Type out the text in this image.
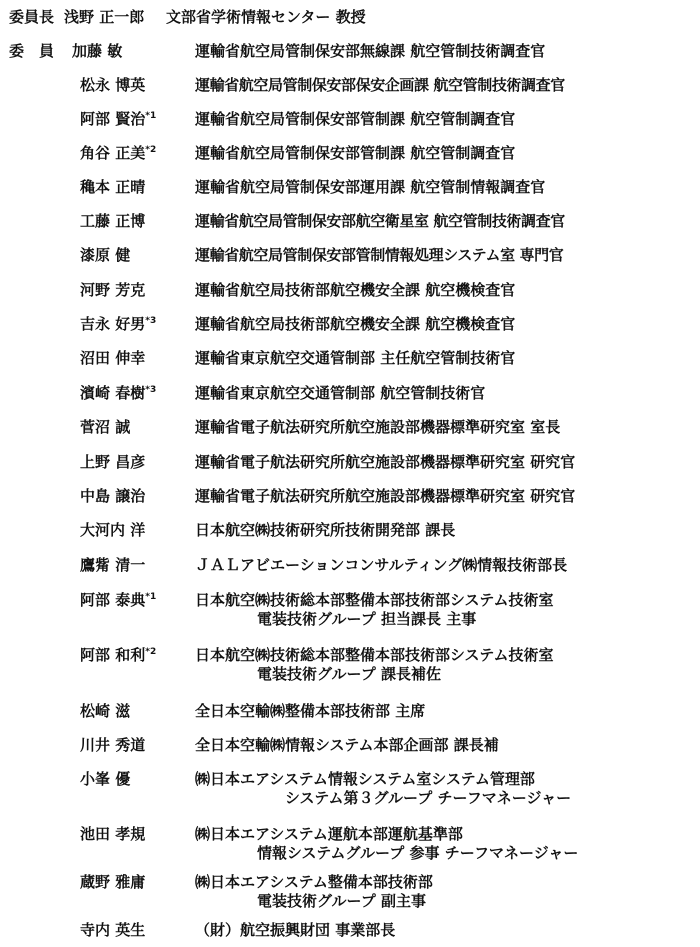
委員長 浅野 正一郎 文部省学術情報センター 教授
委　員 加藤 敏	運輸省航空局管制保安部無線課 航空管制技術調査官
松永 博英	運輸省航空局管制保安部保安企画課 航空管制技術調査官
阿部 賢治$^{*1}$	運輸省航空局管制保安部管制課 航空管制調査官
角谷 正美$^{*2}$	運輸省航空局管制保安部管制課 航空管制調査官
穐本 正晴	運輸省航空局管制保安部運用課 航空管制情報調査官
工藤 正博	運輸省航空局管制保安部航空衛星室 航空管制技術調査官
漆原 健	運輸省航空局管制保安部管制情報処理システム室 専門官
河野 芳克	運輸省航空局技術部航空機安全課 航空機検査官
吉永 好男$^{*3}$	運輸省航空局技術部航空機安全課 航空機検査官
沼田 伸幸	運輸省東京航空交通管制部 主任航空管制技術官
濱崎 春樹$^{*3}$	運輸省東京航空交通管制部 航空管制技術官
菅沼 誠	運輸省電子航法研究所航空施設部機器標準研究室 室長
上野 昌彦	運輸省電子航法研究所航空施設部機器標準研究室 研究官
中島 譲治	運輸省電子航法研究所航空施設部機器標準研究室 研究官
大河内 洋	日本航空㈱技術研究所技術開発部 課長
鷹觜 清一	ＪＡＬアビエーションコンサルティング㈱情報技術部長
阿部 泰典$^{*1}$	日本航空㈱技術総本部整備本部技術部システム技術室
電装技術グループ 担当課長 主事
阿部 和利$^{*2}$	日本航空㈱技術総本部整備本部技術部システム技術室
電装技術グループ 課長補佐
松崎 滋	全日本空輸㈱整備本部技術部 主席
川井 秀道	全日本空輸㈱情報システム本部企画部 課長補
小峯 優	㈱日本エアシステム情報システム室システム管理部
システム第３グループ チーフマネージャー
池田 孝規	㈱日本エアシステム運航本部運航基準部
情報システムグループ 参事 チーフマネージャー
蔵野 雅庸	㈱日本エアシステム整備本部技術部
電装技術グループ 副主事
寺内 英生	（財）航空振興財団 事業部長
